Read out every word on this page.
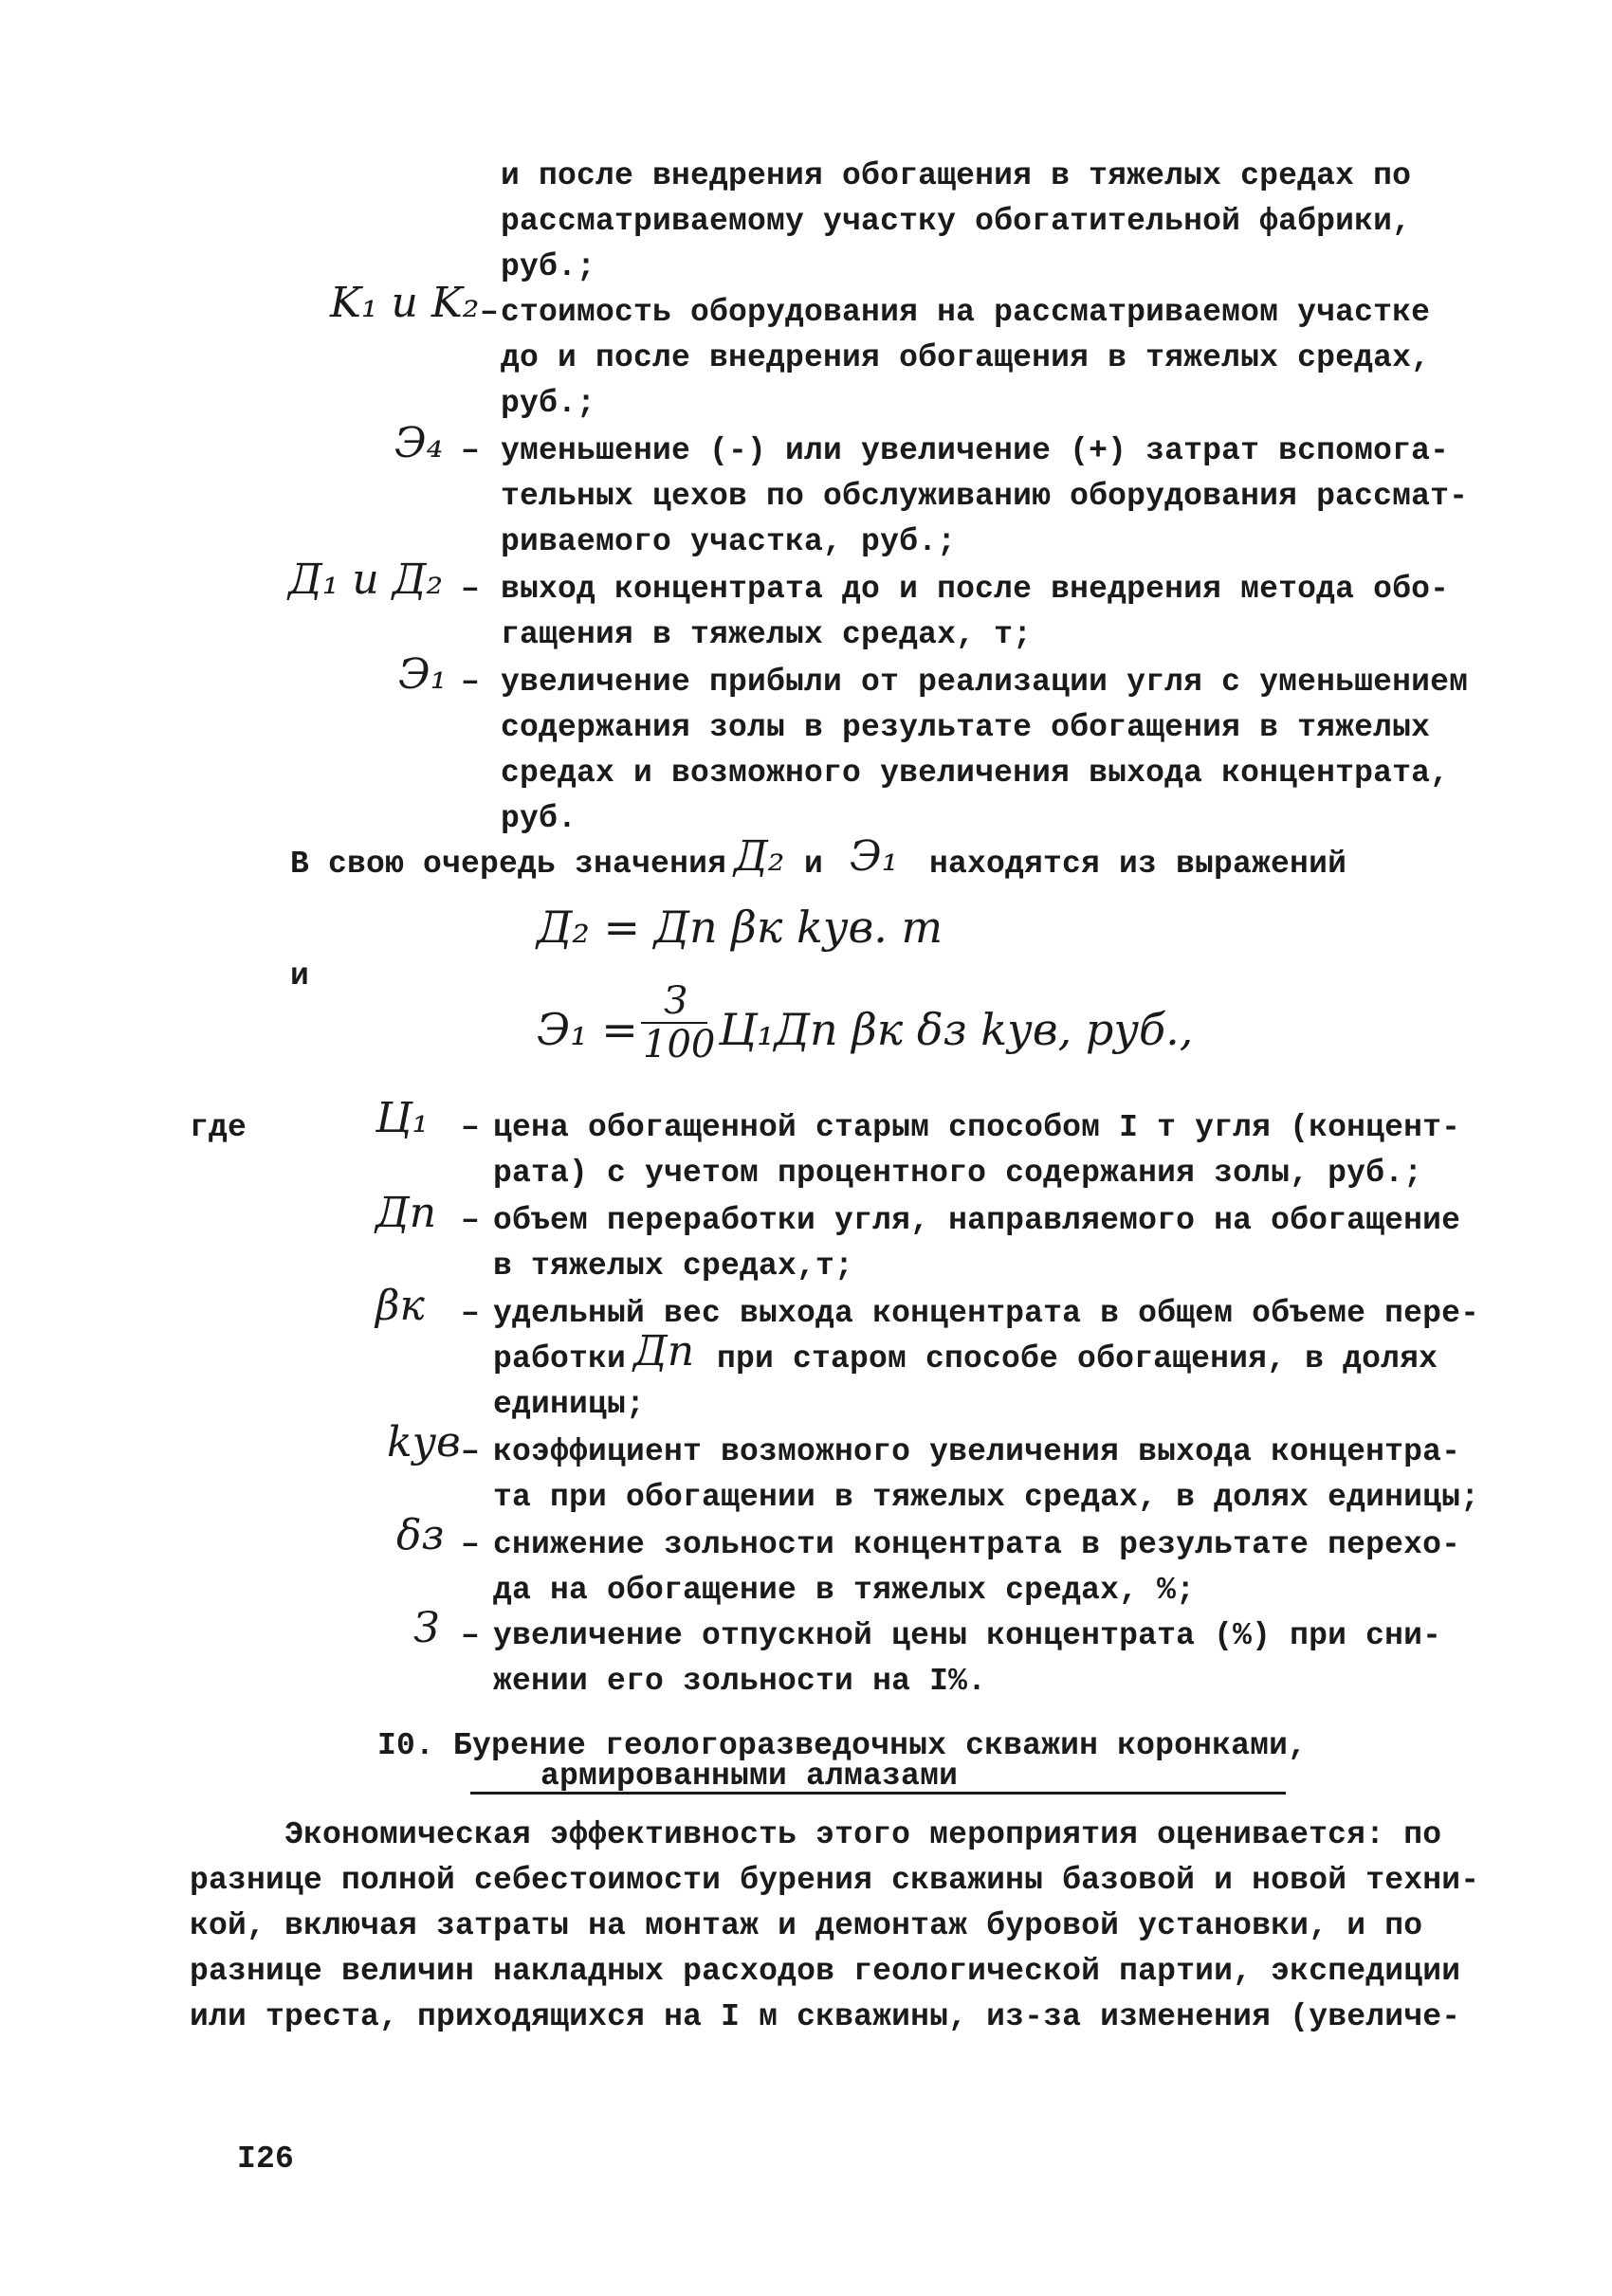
и после внедрения обогащения в тяжелых средах по
рассматриваемому участку обогатительной фабрики,
руб.;
K₁ и K₂ – стоимость оборудования на рассматриваемом участке
до и после внедрения обогащения в тяжелых средах,
руб.;
Э₄ – уменьшение (-) или увеличение (+) затрат вспомога-
тельных цехов по обслуживанию оборудования рассмат-
риваемого участка, руб.;
Д₁ и Д₂ – выход концентрата до и после внедрения метода обо-
гащения в тяжелых средах, т;
Э₁ – увеличение прибыли от реализации угля с уменьшением
содержания золы в результате обогащения в тяжелых
средах и возможного увеличения выхода концентрата,
руб.
В свою очередь значения Д₂ и Э₁ находятся из выражений
Д₂ = Дп βк kув. т
и
Э₁ =
З
100 Ц₁Дп βк δз kув, руб.,
где	Ц₁ – цена обогащенной старым способом I т угля (концент-
рата) с учетом процентного содержания золы, руб.;
Дп – объем переработки угля, направляемого на обогащение
в тяжелых средах,т;
βк – удельный вес выхода концентрата в общем объеме пере-
работки Дп при старом способе обогащения, в долях
единицы;
kув – коэффициент возможного увеличения выхода концентра-
та при обогащении в тяжелых средах, в долях единицы;
δз – снижение зольности концентрата в результате перехо-
да на обогащение в тяжелых средах, %;
З – увеличение отпускной цены концентрата (%) при сни-
жении его зольности на I%.
I0. Бурение геологоразведочных скважин коронками,
армированными алмазами
Экономическая эффективность этого мероприятия оценивается: по
разнице полной себестоимости бурения скважины базовой и новой техни-
кой, включая затраты на монтаж и демонтаж буровой установки, и по
разнице величин накладных расходов геологической партии, экспедиции
или треста, приходящихся на I м скважины, из-за изменения (увеличе-
I26
